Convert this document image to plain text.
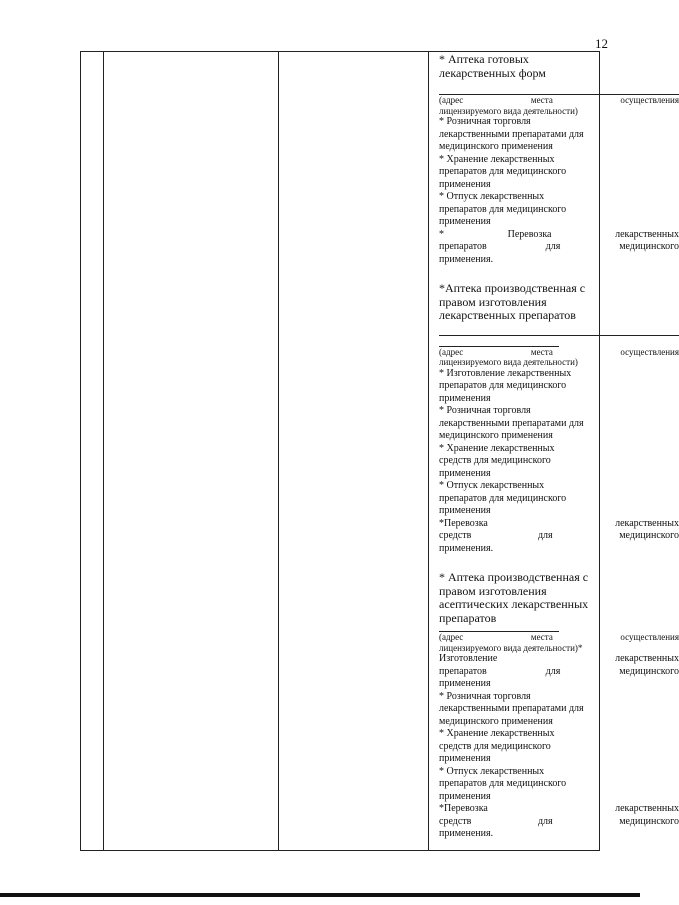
12
* Аптека готовых
лекарственных форм
(адрес места осуществления
лицензируемого вида деятельности)
* Розничная торговля
лекарственными препаратами для
медицинского применения
* Хранение лекарственных
препаратов для медицинского
применения
* Отпуск лекарственных
препаратов для медицинского
применения
* Перевозка лекарственных
препаратов для медицинского
применения.
*Аптека производственная с
правом изготовления
лекарственных препаратов
(адрес места осуществления
лицензируемого вида деятельности)
* Изготовление лекарственных
препаратов для медицинского
применения
* Розничная торговля
лекарственными препаратами для
медицинского применения
* Хранение лекарственных
средств для медицинского
применения
* Отпуск лекарственных
препаратов для медицинского
применения
*Перевозка лекарственных
средств для медицинского
применения.
* Аптека производственная с
правом изготовления
асептических лекарственных
препаратов
(адрес места осуществления
лицензируемого вида деятельности)*
Изготовление лекарственных
препаратов для медицинского
применения
* Розничная торговля
лекарственными препаратами для
медицинского применения
* Хранение лекарственных
средств для медицинского
применения
* Отпуск лекарственных
препаратов для медицинского
применения
*Перевозка лекарственных
средств для медицинского
применения.
